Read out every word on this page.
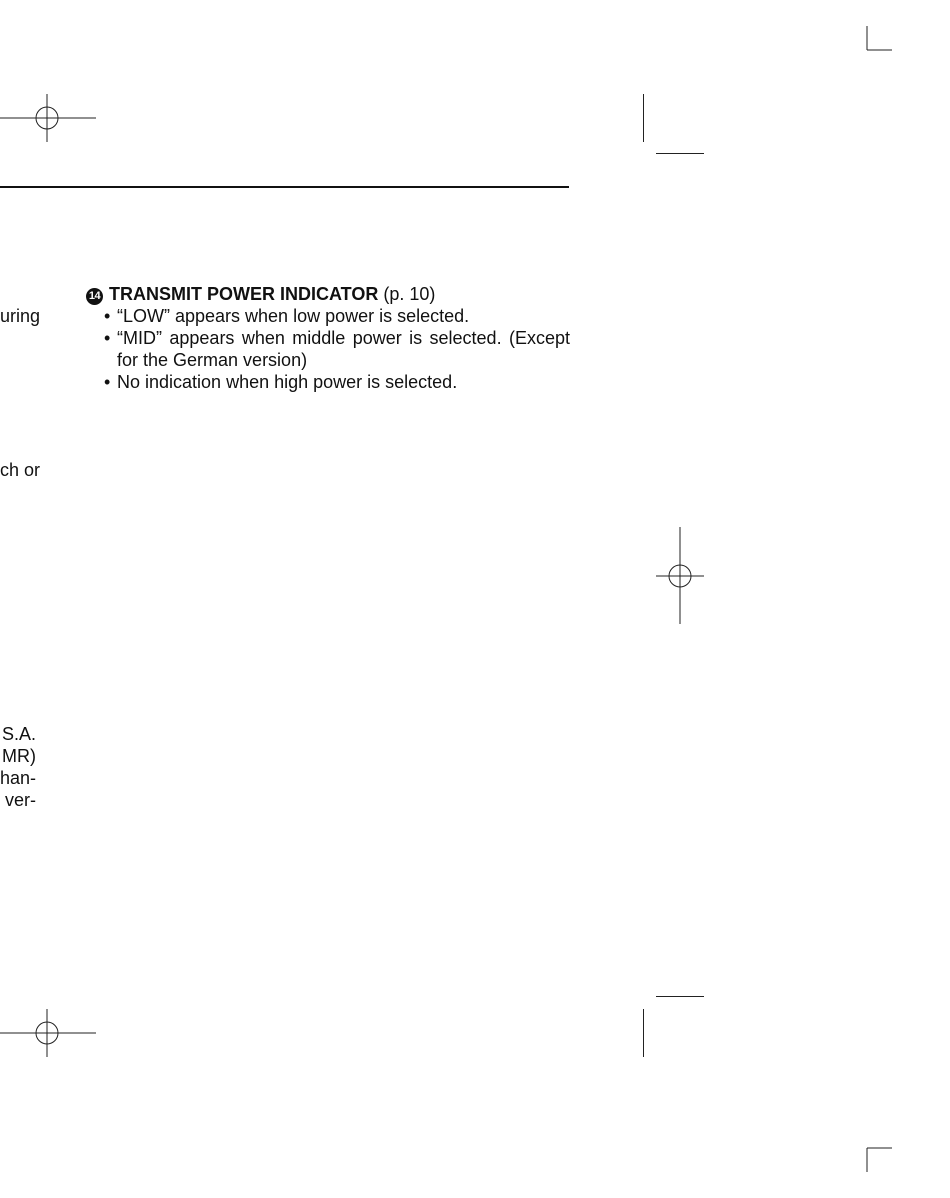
uring
ch or
S.A.
MR)
han-
ver-
14 TRANSMIT POWER INDICATOR (p. 10)
• “LOW” appears when low power is selected.
• “MID” appears when middle power is selected. (Except for the German version)
• No indication when high power is selected.
